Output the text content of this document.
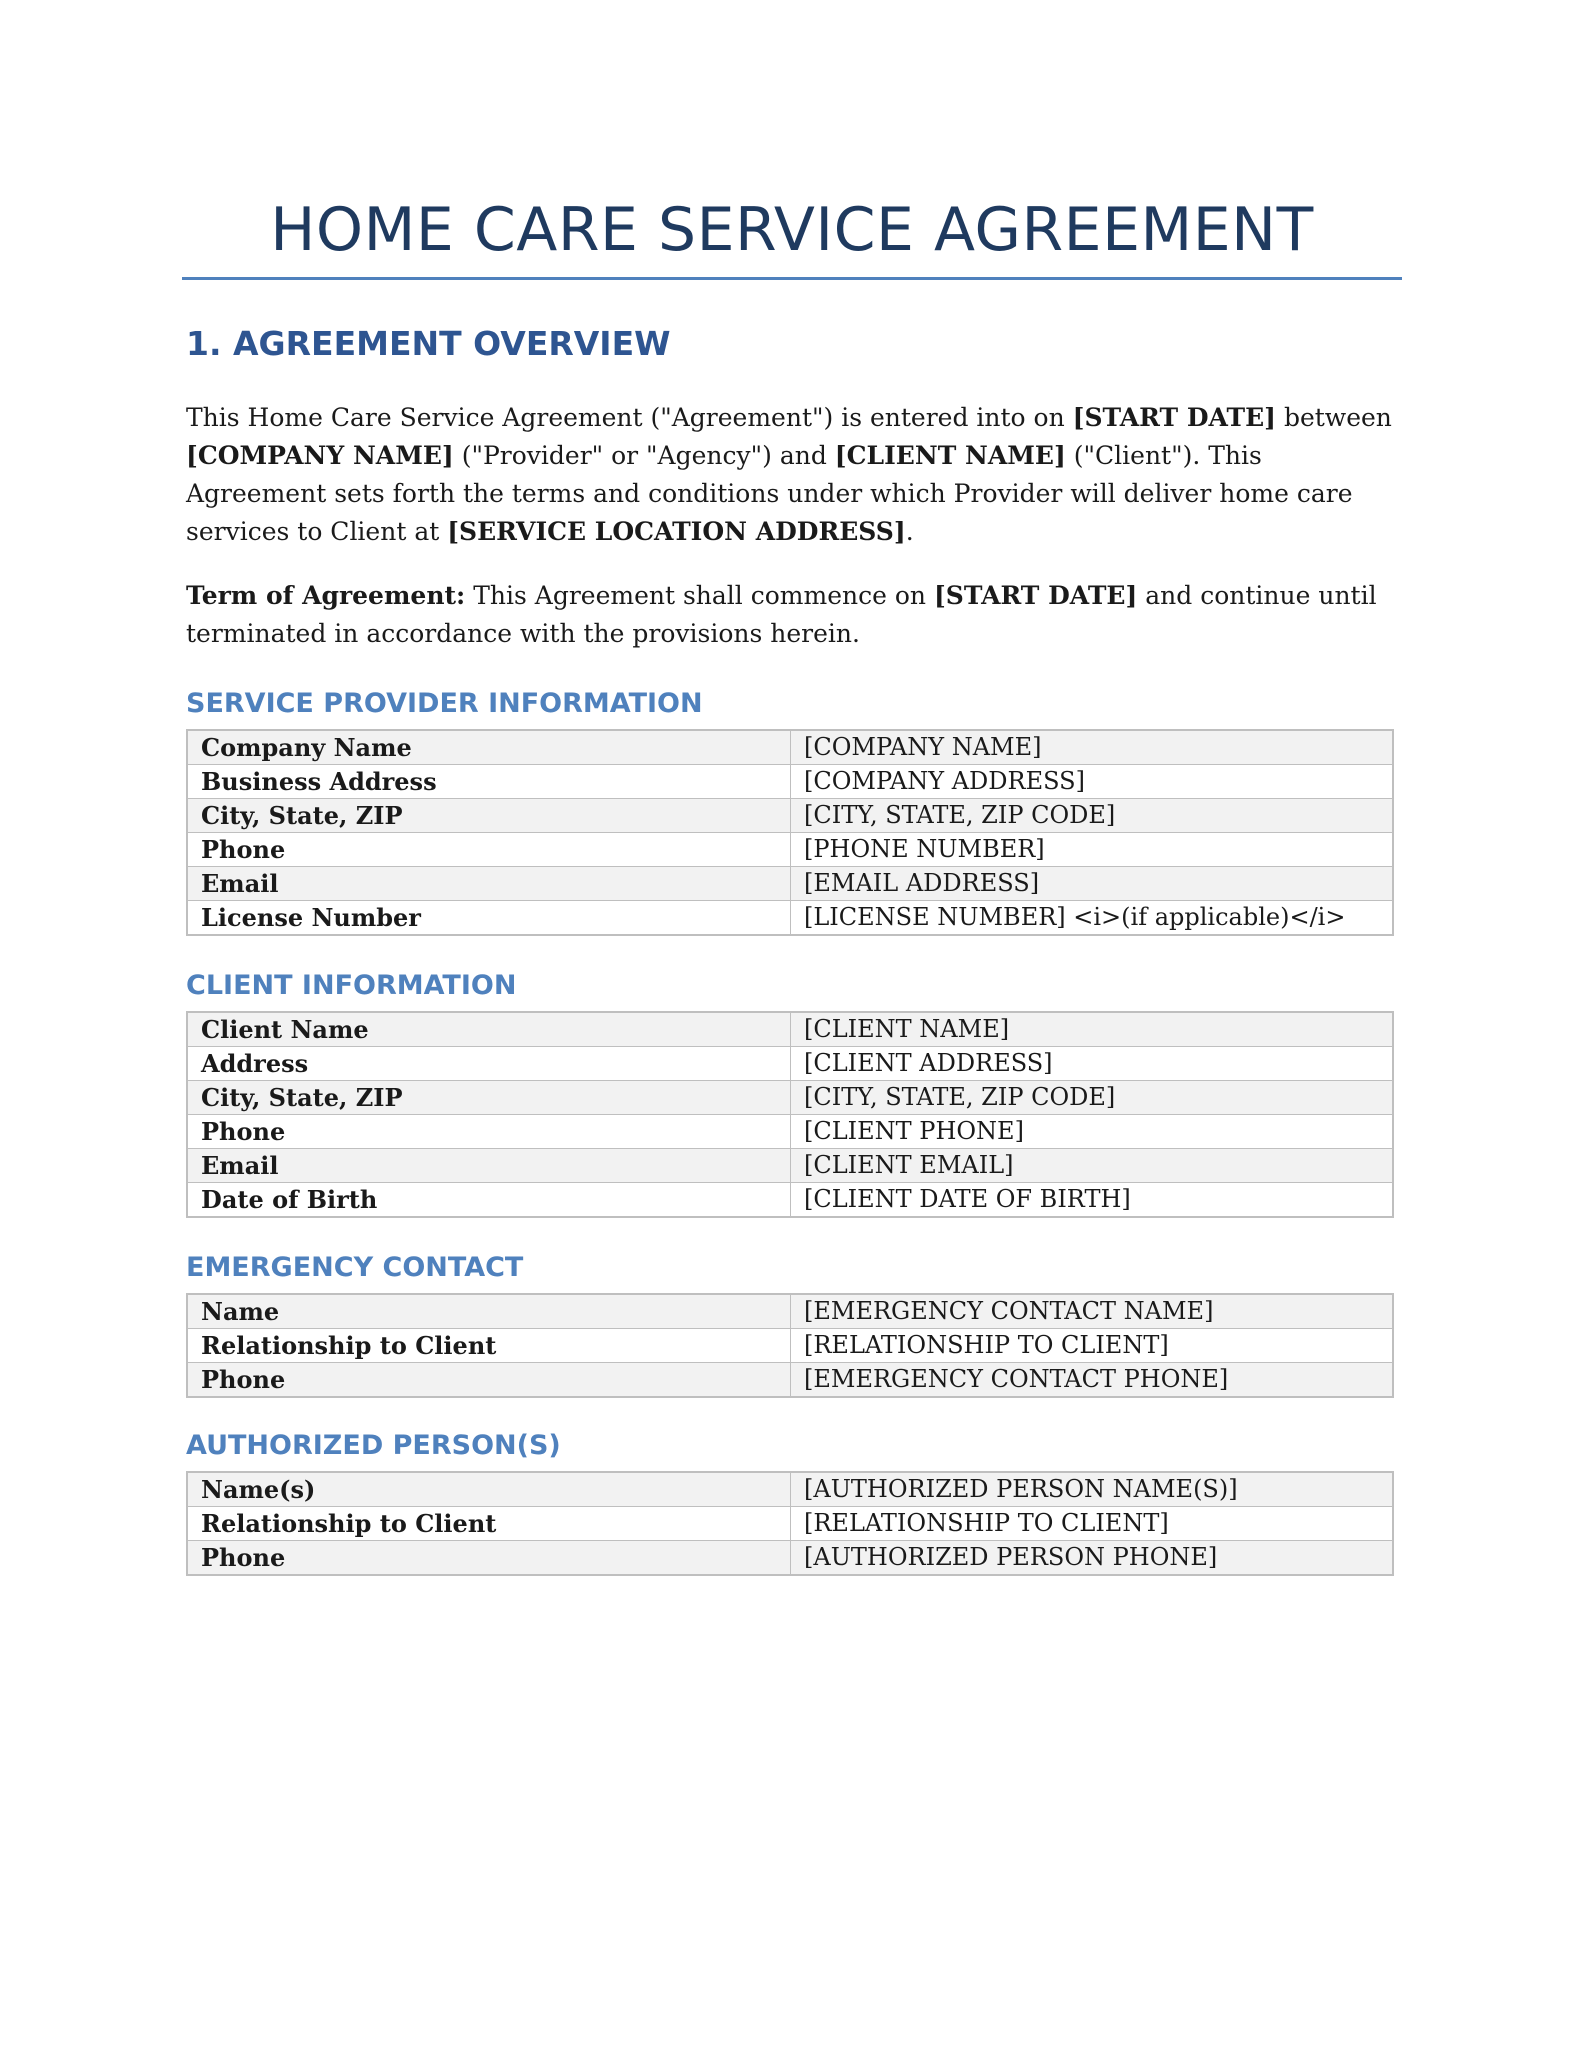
HOME CARE SERVICE AGREEMENT
1. AGREEMENT OVERVIEW

This Home Care Service Agreement ("Agreement") is entered into on [START DATE] between [COMPANY NAME] ("Provider" or "Agency") and [CLIENT NAME] ("Client"). This Agreement sets forth the terms and conditions under which Provider will deliver home care services to Client at [SERVICE LOCATION ADDRESS].

Term of Agreement: This Agreement shall commence on [START DATE] and continue until terminated in accordance with the provisions herein.

SERVICE PROVIDER INFORMATION
Company Name	[COMPANY NAME]
Business Address	[COMPANY ADDRESS]
City, State, ZIP	[CITY, STATE, ZIP CODE]
Phone	[PHONE NUMBER]
Email	[EMAIL ADDRESS]
License Number	[LICENSE NUMBER] <i>(if applicable)</i>
CLIENT INFORMATION
Client Name	[CLIENT NAME]
Address	[CLIENT ADDRESS]
City, State, ZIP	[CITY, STATE, ZIP CODE]
Phone	[CLIENT PHONE]
Email	[CLIENT EMAIL]
Date of Birth	[CLIENT DATE OF BIRTH]
EMERGENCY CONTACT
Name	[EMERGENCY CONTACT NAME]
Relationship to Client	[RELATIONSHIP TO CLIENT]
Phone	[EMERGENCY CONTACT PHONE]
AUTHORIZED PERSON(S)
Name(s)	[AUTHORIZED PERSON NAME(S)]
Relationship to Client	[RELATIONSHIP TO CLIENT]
Phone	[AUTHORIZED PERSON PHONE]
